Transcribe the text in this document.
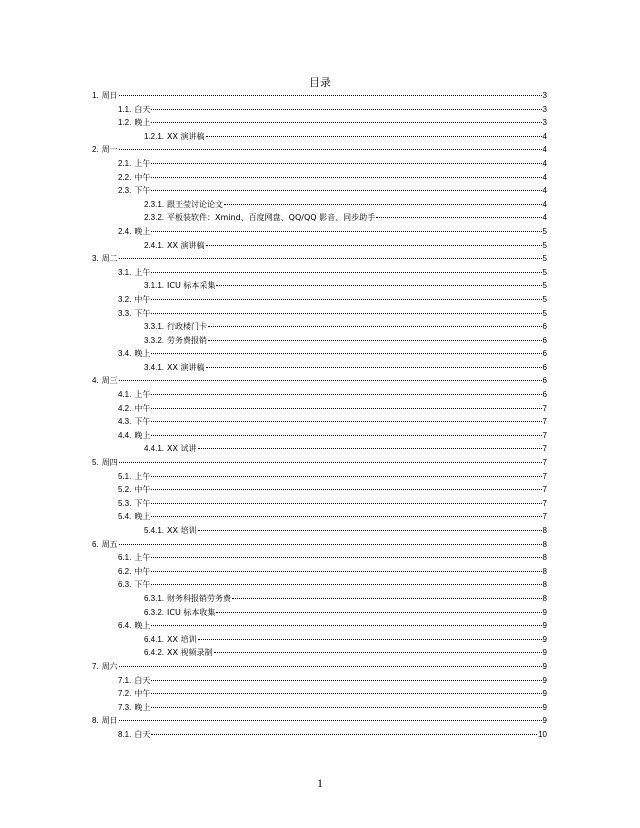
目录
1. 周日	3
1.1. 白天	3
1.2. 晚上	3
1.2.1. XX 演讲稿	4
2. 周一	4
2.1. 上午	4
2.2. 中午	4
2.3. 下午	4
2.3.1. 跟王莹讨论论文	4
2.3.2. 平板装软件：Xmind、百度网盘、QQ/QQ 影音、同步助手	4
2.4. 晚上	5
2.4.1. XX 演讲稿	5
3. 周二	5
3.1. 上午	5
3.1.1. ICU 标本采集	5
3.2. 中午	5
3.3. 下午	5
3.3.1. 行政楼门卡	6
3.3.2. 劳务费报销	6
3.4. 晚上	6
3.4.1. XX 演讲稿	6
4. 周三	6
4.1. 上午	6
4.2. 中午	7
4.3. 下午	7
4.4. 晚上	7
4.4.1. XX 试讲	7
5. 周四	7
5.1. 上午	7
5.2. 中午	7
5.3. 下午	7
5.4. 晚上	7
5.4.1. XX 培训	8
6. 周五	8
6.1. 上午	8
6.2. 中午	8
6.3. 下午	8
6.3.1. 财务科报销劳务费	8
6.3.2. ICU 标本收集	9
6.4. 晚上	9
6.4.1. XX 培训	9
6.4.2. XX 视频录制	9
7. 周六	9
7.1. 白天	9
7.2. 中午	9
7.3. 晚上	9
8. 周日	9
8.1. 白天	10
1
